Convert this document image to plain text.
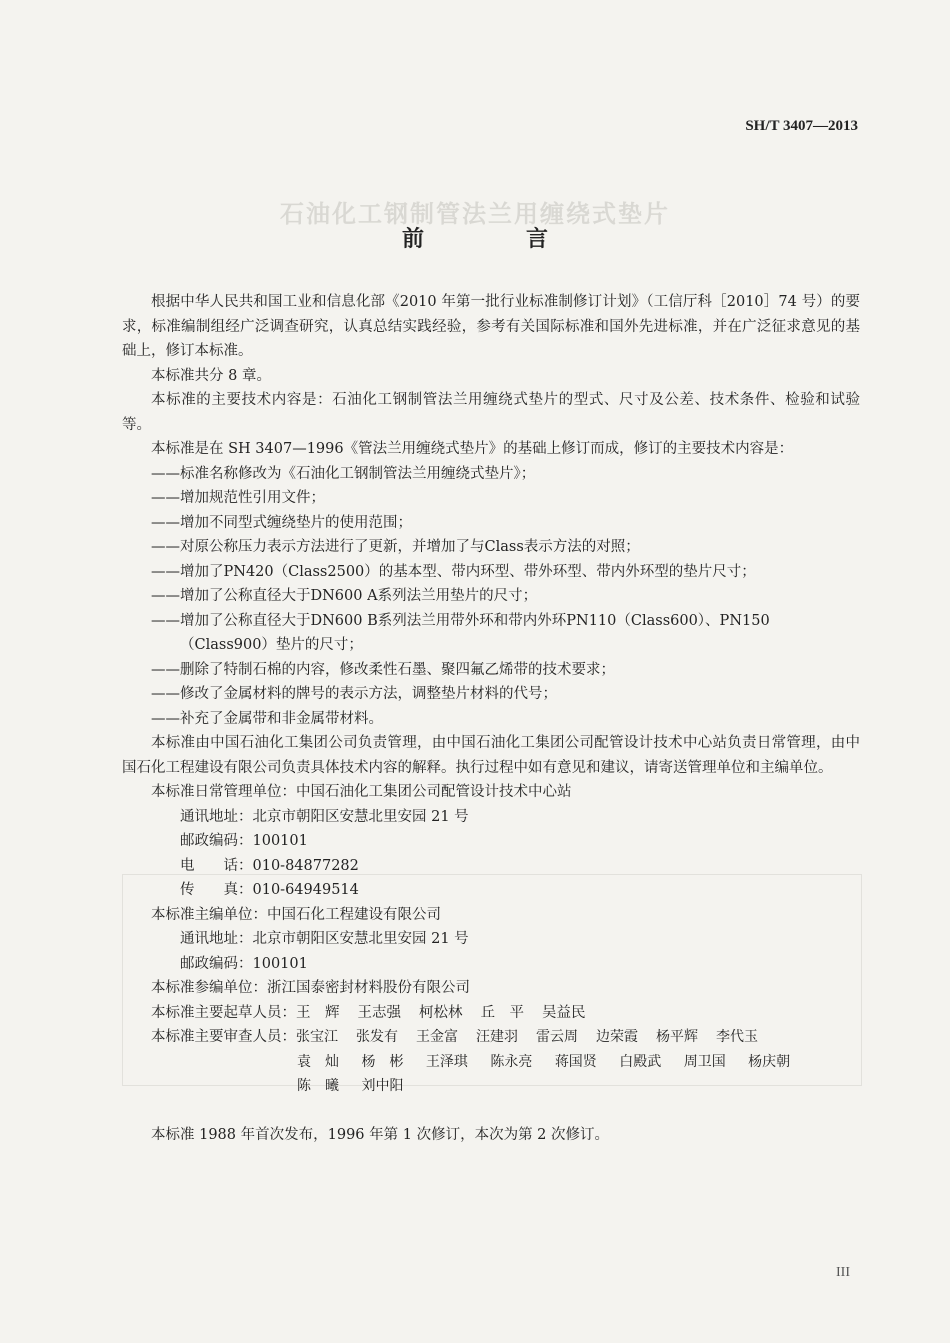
SH/T 3407—2013
石油化工钢制管法兰用缠绕式垫片
前　言

根据中华人民共和国工业和信息化部《2010 年第一批行业标准制修订计划》（工信厅科［2010］74 号）的要求，标准编制组经广泛调查研究，认真总结实践经验，参考有关国际标准和国外先进标准，并在广泛征求意见的基础上，修订本标准。

本标准共分 8 章。

本标准的主要技术内容是：石油化工钢制管法兰用缠绕式垫片的型式、尺寸及公差、技术条件、检验和试验等。

本标准是在 SH 3407—1996《管法兰用缠绕式垫片》的基础上修订而成，修订的主要技术内容是：

——标准名称修改为《石油化工钢制管法兰用缠绕式垫片》；

——增加规范性引用文件；

——增加不同型式缠绕垫片的使用范围；

——对原公称压力表示方法进行了更新，并增加了与Class表示方法的对照；

——增加了PN420（Class2500）的基本型、带内环型、带外环型、带内外环型的垫片尺寸；

——增加了公称直径大于DN600 A系列法兰用垫片的尺寸；

——增加了公称直径大于DN600 B系列法兰用带外环和带内外环PN110（Class600）、PN150

（Class900）垫片的尺寸；

——删除了特制石棉的内容，修改柔性石墨、聚四氟乙烯带的技术要求；

——修改了金属材料的牌号的表示方法，调整垫片材料的代号；

——补充了金属带和非金属带材料。

本标准由中国石油化工集团公司负责管理，由中国石油化工集团公司配管设计技术中心站负责日常管理，由中国石化工程建设有限公司负责具体技术内容的解释。执行过程中如有意见和建议，请寄送管理单位和主编单位。

本标准日常管理单位：中国石油化工集团公司配管设计技术中心站

通讯地址：北京市朝阳区安慧北里安园 21 号

邮政编码：100101

电　　话：010-84877282

传　　真：010-64949514

本标准主编单位：中国石化工程建设有限公司

通讯地址：北京市朝阳区安慧北里安园 21 号

邮政编码：100101

本标准参编单位：浙江国泰密封材料股份有限公司

本标准主要起草人员： 王　辉 王志强 柯松林 丘　平 吴益民
本标准主要审查人员： 张宝江 张发有 王金富 汪建羽 雷云周 边荣霞 杨平辉 李代玉
袁　灿 杨　彬 王泽琪 陈永亮 蒋国贤 白殿武 周卫国 杨庆朝
陈　曦 刘中阳

本标准 1988 年首次发布，1996 年第 1 次修订，本次为第 2 次修订。

III
